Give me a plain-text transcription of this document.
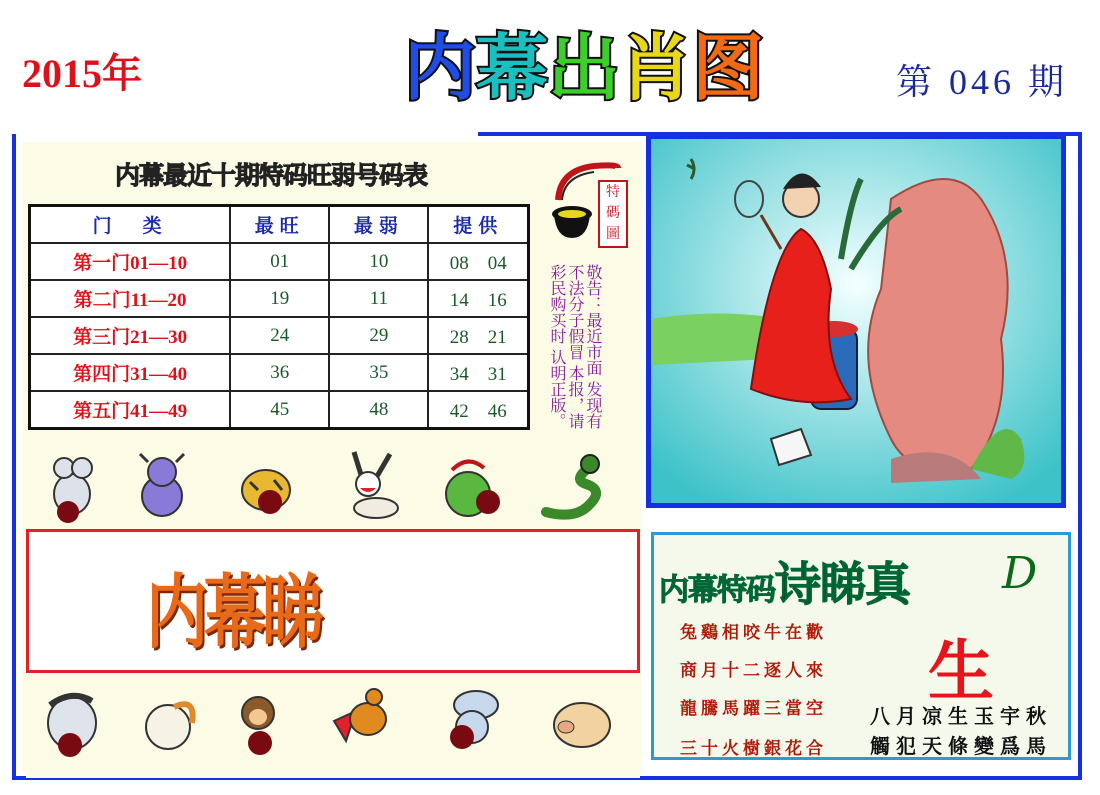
2015年	内幕出肖图	第 046 期
内幕最近十期特码旺弱号码表
门　类	最旺	最弱	提供
第一门01—10	01	10	08　04
第二门11—20	19	11	14　16
第三门21—30	24	29	28　21
第四门31—40	36	35	34　31
第五门41—49	45	48	42　46
特碼圖
敬告：最近市面 发现有不法分子假冒 本报，请彩民购买时 认明正版。
内幕睇	内幕特码诗睇真 D
兔鷄相咬牛在歡
商月十二逐人來
龍騰馬躍三當空
三十火樹銀花合
生
八月凉生玉宇秋
觸犯天條變爲馬
